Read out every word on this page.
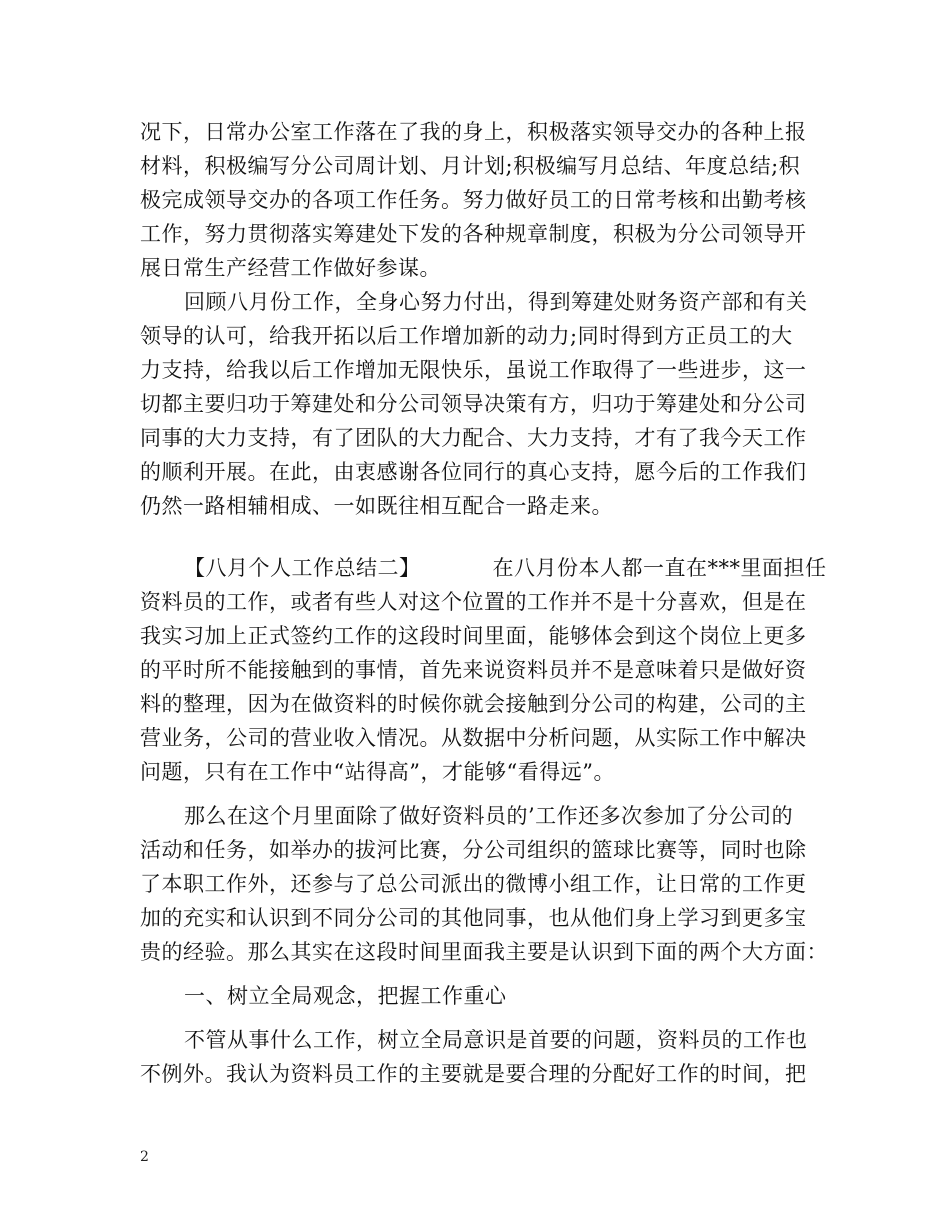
况下，日常办公室工作落在了我的身上，积极落实领导交办的各种上报

材料，积极编写分公司周计划、月计划;积极编写月总结、年度总结;积

极完成领导交办的各项工作任务。努力做好员工的日常考核和出勤考核

工作，努力贯彻落实筹建处下发的各种规章制度，积极为分公司领导开

展日常生产经营工作做好参谋。

回顾八月份工作，全身心努力付出，得到筹建处财务资产部和有关

领导的认可，给我开拓以后工作增加新的动力;同时得到方正员工的大

力支持，给我以后工作增加无限快乐，虽说工作取得了一些进步，这一

切都主要归功于筹建处和分公司领导决策有方，归功于筹建处和分公司

同事的大力支持，有了团队的大力配合、大力支持，才有了我今天工作

的顺利开展。在此，由衷感谢各位同行的真心支持，愿今后的工作我们

仍然一路相辅相成、一如既往相互配合一路走来。

【八月个人工作总结二】	在八月份本人都一直在***里面担任

资料员的工作，或者有些人对这个位置的工作并不是十分喜欢，但是在

我实习加上正式签约工作的这段时间里面，能够体会到这个岗位上更多

的平时所不能接触到的事情，首先来说资料员并不是意味着只是做好资

料的整理，因为在做资料的时候你就会接触到分公司的构建，公司的主

营业务，公司的营业收入情况。从数据中分析问题，从实际工作中解决

问题，只有在工作中“站得高”，才能够“看得远”。

那么在这个月里面除了做好资料员的’工作还多次参加了分公司的

活动和任务，如举办的拔河比赛，分公司组织的篮球比赛等，同时也除

了本职工作外，还参与了总公司派出的微博小组工作，让日常的工作更

加的充实和认识到不同分公司的其他同事，也从他们身上学习到更多宝

贵的经验。那么其实在这段时间里面我主要是认识到下面的两个大方面：

一、树立全局观念，把握工作重心

不管从事什么工作，树立全局意识是首要的问题，资料员的工作也

不例外。我认为资料员工作的主要就是要合理的分配好工作的时间，把

2
